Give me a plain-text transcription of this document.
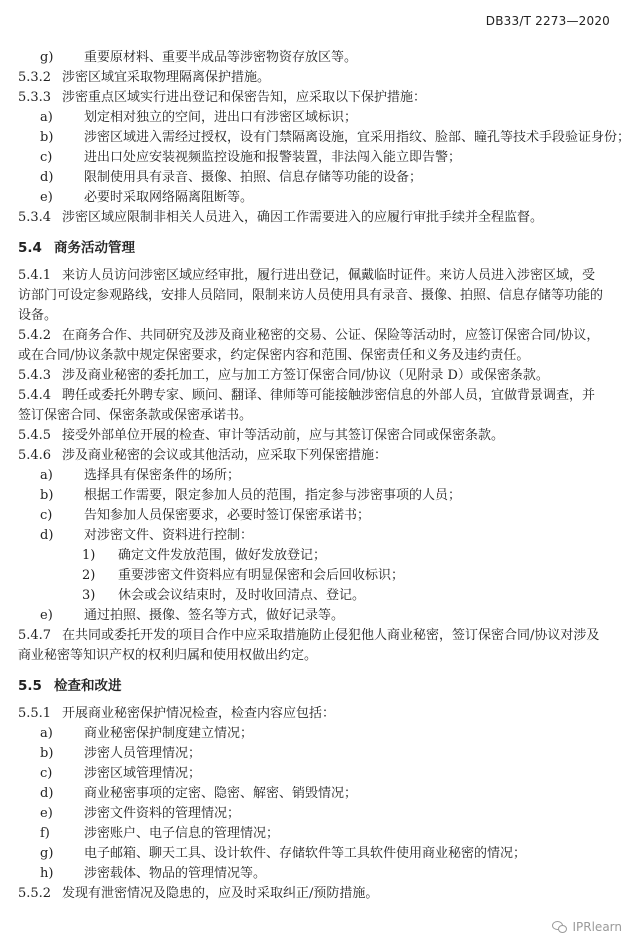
DB33/T 2273—2020
g) 重要原材料、重要半成品等涉密物资存放区等。
5.3.2 涉密区域宜采取物理隔离保护措施。
5.3.3 涉密重点区域实行进出登记和保密告知，应采取以下保护措施：
a) 划定相对独立的空间，进出口有涉密区域标识；
b) 涉密区域进入需经过授权，设有门禁隔离设施，宜采用指纹、脸部、瞳孔等技术手段验证身份；
c) 进出口处应安装视频监控设施和报警装置，非法闯入能立即告警；
d) 限制使用具有录音、摄像、拍照、信息存储等功能的设备；
e) 必要时采取网络隔离阻断等。
5.3.4 涉密区域应限制非相关人员进入，确因工作需要进入的应履行审批手续并全程监督。
5.4 商务活动管理
5.4.1 来访人员访问涉密区域应经审批，履行进出登记，佩戴临时证件。来访人员进入涉密区域，受
访部门可设定参观路线，安排人员陪同，限制来访人员使用具有录音、摄像、拍照、信息存储等功能的
设备。
5.4.2 在商务合作、共同研究及涉及商业秘密的交易、公证、保险等活动时，应签订保密合同/协议，
或在合同/协议条款中规定保密要求，约定保密内容和范围、保密责任和义务及违约责任。
5.4.3 涉及商业秘密的委托加工，应与加工方签订保密合同/协议（见附录 D）或保密条款。
5.4.4 聘任或委托外聘专家、顾问、翻译、律师等可能接触涉密信息的外部人员，宜做背景调查，并
签订保密合同、保密条款或保密承诺书。
5.4.5 接受外部单位开展的检查、审计等活动前，应与其签订保密合同或保密条款。
5.4.6 涉及商业秘密的会议或其他活动，应采取下列保密措施：
a) 选择具有保密条件的场所；
b) 根据工作需要，限定参加人员的范围，指定参与涉密事项的人员；
c) 告知参加人员保密要求，必要时签订保密承诺书；
d) 对涉密文件、资料进行控制：
1) 确定文件发放范围，做好发放登记；
2) 重要涉密文件资料应有明显保密和会后回收标识；
3) 休会或会议结束时，及时收回清点、登记。
e) 通过拍照、摄像、签名等方式，做好记录等。
5.4.7 在共同或委托开发的项目合作中应采取措施防止侵犯他人商业秘密，签订保密合同/协议对涉及
商业秘密等知识产权的权利归属和使用权做出约定。
5.5 检查和改进
5.5.1 开展商业秘密保护情况检查，检查内容应包括：
a) 商业秘密保护制度建立情况；
b) 涉密人员管理情况；
c) 涉密区域管理情况；
d) 商业秘密事项的定密、隐密、解密、销毁情况；
e) 涉密文件资料的管理情况；
f)	涉密账户、电子信息的管理情况；
g) 电子邮箱、聊天工具、设计软件、存储软件等工具软件使用商业秘密的情况；
h) 涉密载体、物品的管理情况等。
5.5.2 发现有泄密情况及隐患的，应及时采取纠正/预防措施。
IPRlearn
